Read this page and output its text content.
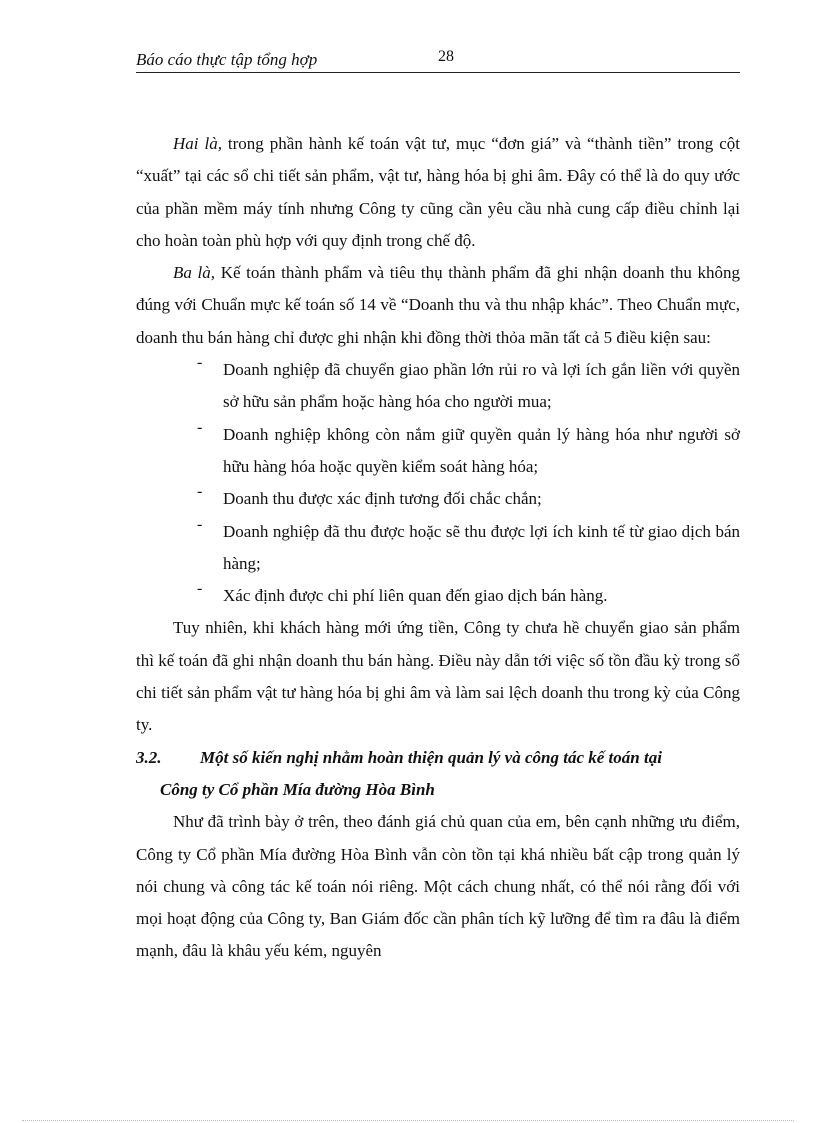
Báo cáo thực tập tổng hợp	28

Hai là, trong phần hành kế toán vật tư, mục “đơn giá” và “thành tiền” trong cột “xuất” tại các sổ chi tiết sản phẩm, vật tư, hàng hóa bị ghi âm. Đây có thể là do quy ước của phần mềm máy tính nhưng Công ty cũng cần yêu cầu nhà cung cấp điều chỉnh lại cho hoàn toàn phù hợp với quy định trong chế độ.

Ba là, Kế toán thành phẩm và tiêu thụ thành phẩm đã ghi nhận doanh thu không đúng với Chuẩn mực kế toán số 14 về “Doanh thu và thu nhập khác”. Theo Chuẩn mực, doanh thu bán hàng chỉ được ghi nhận khi đồng thời thỏa mãn tất cả 5 điều kiện sau:

-	Doanh nghiệp đã chuyển giao phần lớn rủi ro và lợi ích gắn liền với quyền sở hữu sản phẩm hoặc hàng hóa cho người mua;

-	Doanh nghiệp không còn nắm giữ quyền quản lý hàng hóa như người sở hữu hàng hóa hoặc quyền kiểm soát hàng hóa;

-	Doanh thu được xác định tương đối chắc chắn;

-	Doanh nghiệp đã thu được hoặc sẽ thu được lợi ích kinh tế từ giao dịch bán hàng;

-	Xác định được chi phí liên quan đến giao dịch bán hàng.

Tuy nhiên, khi khách hàng mới ứng tiền, Công ty chưa hề chuyển giao sản phẩm thì kế toán đã ghi nhận doanh thu bán hàng. Điều này dẫn tới việc số tồn đầu kỳ trong sổ chi tiết sản phẩm vật tư hàng hóa bị ghi âm và làm sai lệch doanh thu trong kỳ của Công ty.

3.2. Một số kiến nghị nhằm hoàn thiện quản lý và công tác kế toán tại
Công ty Cổ phần Mía đường Hòa Bình

Như đã trình bày ở trên, theo đánh giá chủ quan của em, bên cạnh những ưu điểm, Công ty Cổ phần Mía đường Hòa Bình vẫn còn tồn tại khá nhiều bất cập trong quản lý nói chung và công tác kế toán nói riêng. Một cách chung nhất, có thể nói rằng đối với mọi hoạt động của Công ty, Ban Giám đốc cần phân tích kỹ lưỡng để tìm ra đâu là điểm mạnh, đâu là khâu yếu kém, nguyên
